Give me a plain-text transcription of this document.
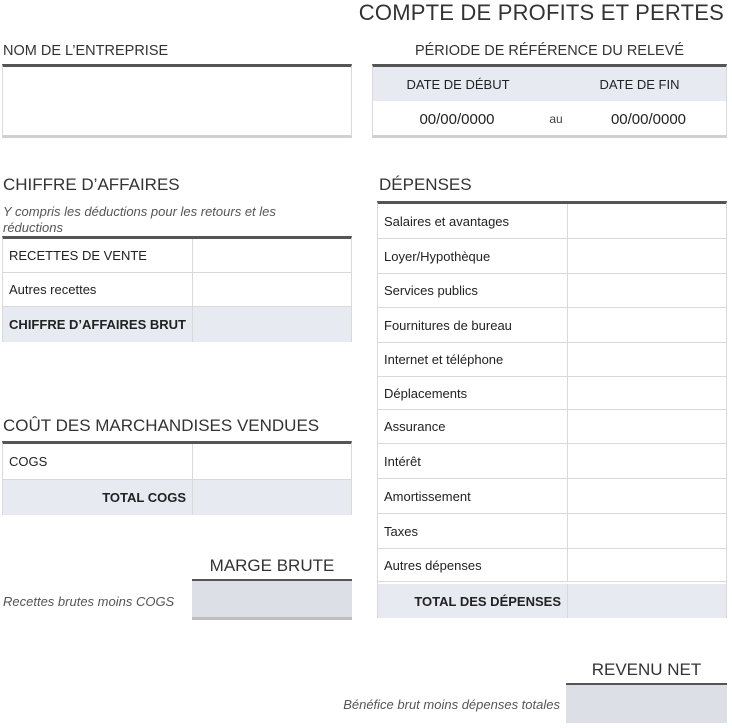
COMPTE DE PROFITS ET PERTES
NOM DE L’ENTREPRISE	PÉRIODE DE RÉFÉRENCE DU RELEVÉ
DATE DE DÉBUT	DATE DE FIN
00/00/0000	au	00/00/0000
CHIFFRE D’AFFAIRES
Y compris les déductions pour les retours et les réductions
RECETTES DE VENTE
Autres recettes
CHIFFRE D’AFFAIRES BRUT
COÛT DES MARCHANDISES VENDUES
COGS
TOTAL COGS
MARGE BRUTE
Recettes brutes moins COGS
DÉPENSES
Salaires et avantages
Loyer/Hypothèque
Services publics
Fournitures de bureau
Internet et téléphone
Déplacements
Assurance
Intérêt
Amortissement
Taxes
Autres dépenses
TOTAL DES DÉPENSES
REVENU NET
Bénéfice brut moins dépenses totales
